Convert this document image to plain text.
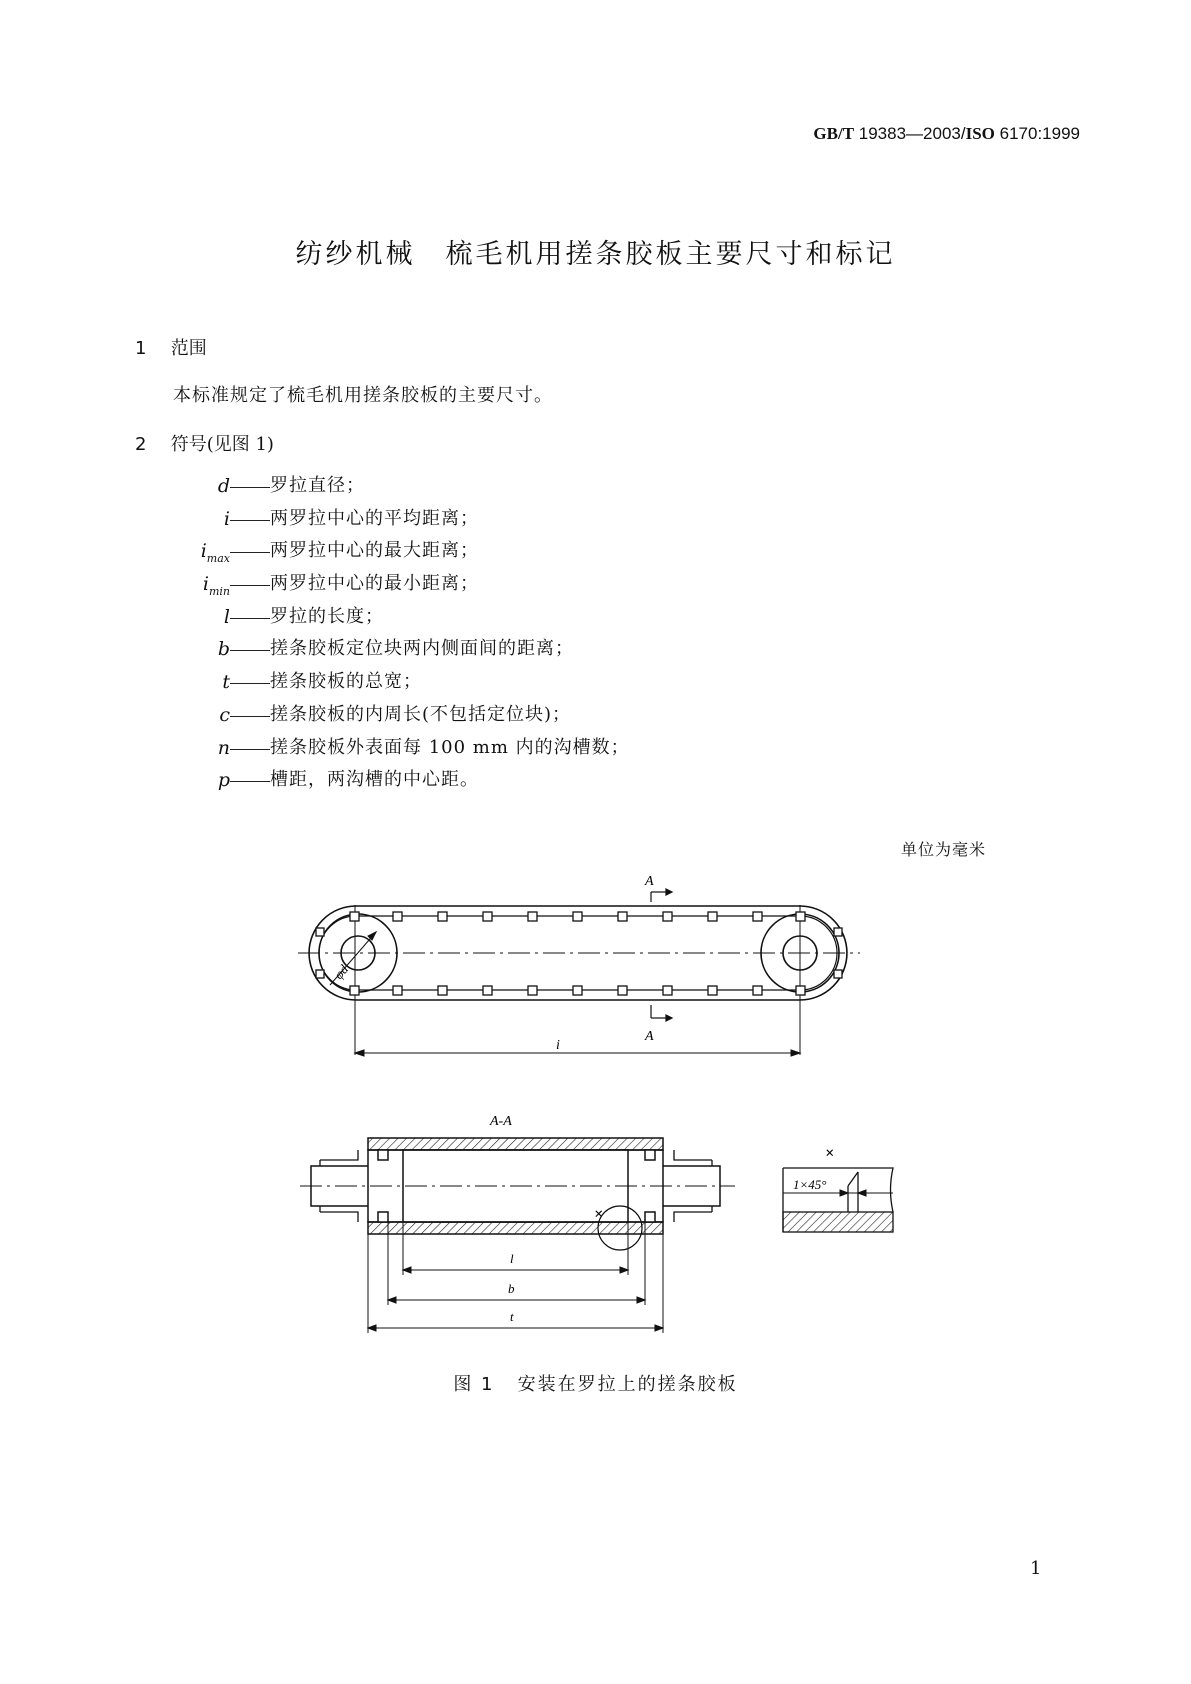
GB/T 19383—2003/ISO 6170:1999
纺纱机械　梳毛机用搓条胶板主要尺寸和标记
1 范围
本标准规定了梳毛机用搓条胶板的主要尺寸。
2 符号(见图 1)
d 罗拉直径；
i 两罗拉中心的平均距离；
$i_{max}$ 两罗拉中心的最大距离；
$i_{min}$ 两罗拉中心的最小距离；
l 罗拉的长度；
b 搓条胶板定位块两内侧面间的距离；
t 搓条胶板的总宽；
c 搓条胶板的内周长(不包括定位块)；
n 搓条胶板外表面每 100 mm 内的沟槽数；
p 槽距，两沟槽的中心距。
单位为毫米
φd
A
A
i
A-A
×
l
b
t
×
1×45°
图 1 安装在罗拉上的搓条胶板
1
